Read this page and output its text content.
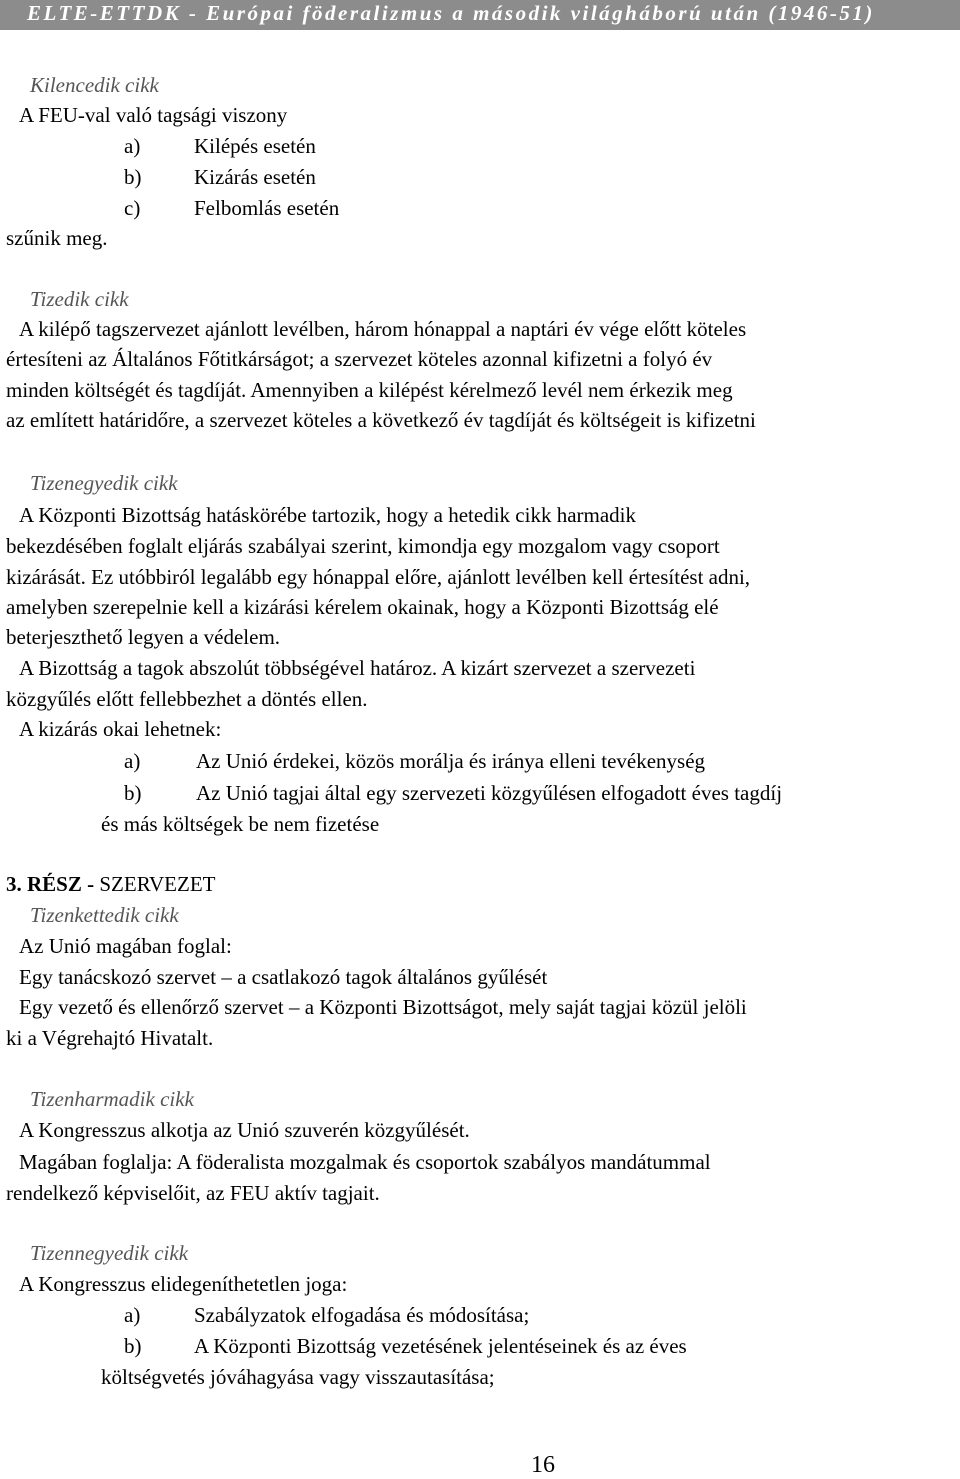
ELTE-ETTDK - Európai föderalizmus a második világháború után (1946-51)
Kilencedik cikk
A FEU-val való tagsági viszony
a)	Kilépés esetén
b)	Kizárás esetén
c)	Felbomlás esetén
szűnik meg.
Tizedik cikk
A kilépő tagszervezet ajánlott levélben, három hónappal a naptári év vége előtt köteles
értesíteni az Általános Főtitkárságot; a szervezet köteles azonnal kifizetni a folyó év
minden költségét és tagdíját. Amennyiben a kilépést kérelmező levél nem érkezik meg
az említett határidőre, a szervezet köteles a következő év tagdíját és költségeit is kifizetni
Tizenegyedik cikk
A Központi Bizottság hatáskörébe tartozik, hogy a hetedik cikk harmadik
bekezdésében foglalt eljárás szabályai szerint, kimondja egy mozgalom vagy csoport
kizárását. Ez utóbbiról legalább egy hónappal előre, ajánlott levélben kell értesítést adni,
amelyben szerepelnie kell a kizárási kérelem okainak, hogy a Központi Bizottság elé
beterjeszthető legyen a védelem.
A Bizottság a tagok abszolút többségével határoz. A kizárt szervezet a szervezeti
közgyűlés előtt fellebbezhet a döntés ellen.
A kizárás okai lehetnek:
a)	Az Unió érdekei, közös morálja és iránya elleni tevékenység
b)	Az Unió tagjai által egy szervezeti közgyűlésen elfogadott éves tagdíj
és más költségek be nem fizetése
3. RÉSZ - SZERVEZET
Tizenkettedik cikk
Az Unió magában foglal:
Egy tanácskozó szervet – a csatlakozó tagok általános gyűlését
Egy vezető és ellenőrző szervet – a Központi Bizottságot, mely saját tagjai közül jelöli
ki a Végrehajtó Hivatalt.
Tizenharmadik cikk
A Kongresszus alkotja az Unió szuverén közgyűlését.
Magában foglalja: A föderalista mozgalmak és csoportok szabályos mandátummal
rendelkező képviselőit, az FEU aktív tagjait.
Tizennegyedik cikk
A Kongresszus elidegeníthetetlen joga:
a)	Szabályzatok elfogadása és módosítása;
b)	A Központi Bizottság vezetésének jelentéseinek és az éves
költségvetés jóváhagyása vagy visszautasítása;
16
